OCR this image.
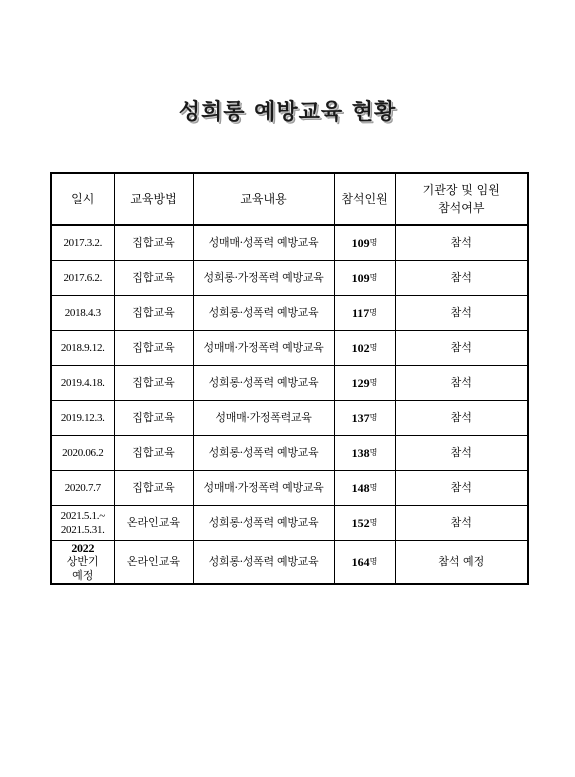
성희롱 예방교육 현황
일시	교육방법	교육내용	참석인원	기관장 및 임원
참석여부

2017.3.2.	집합교육	성매매·성폭력 예방교육	109명	참석
2017.6.2.	집합교육	성희롱·가정폭력 예방교육	109명	참석
2018.4.3	집합교육	성희롱·성폭력 예방교육	117명	참석
2018.9.12.	집합교육	성매매·가정폭력 예방교육	102명	참석
2019.4.18.	집합교육	성희롱·성폭력 예방교육	129명	참석
2019.12.3.	집합교육	성매매·가정폭력교육	137명	참석
2020.06.2	집합교육	성희롱·성폭력 예방교육	138명	참석
2020.7.7	집합교육	성매매·가정폭력 예방교육	148명	참석

2021.5.1.~
2021.5.31.	온라인교육	성희롱·성폭력 예방교육	152명	참석

2022
상반기
예정	온라인교육	성희롱·성폭력 예방교육	164명	참석 예정
